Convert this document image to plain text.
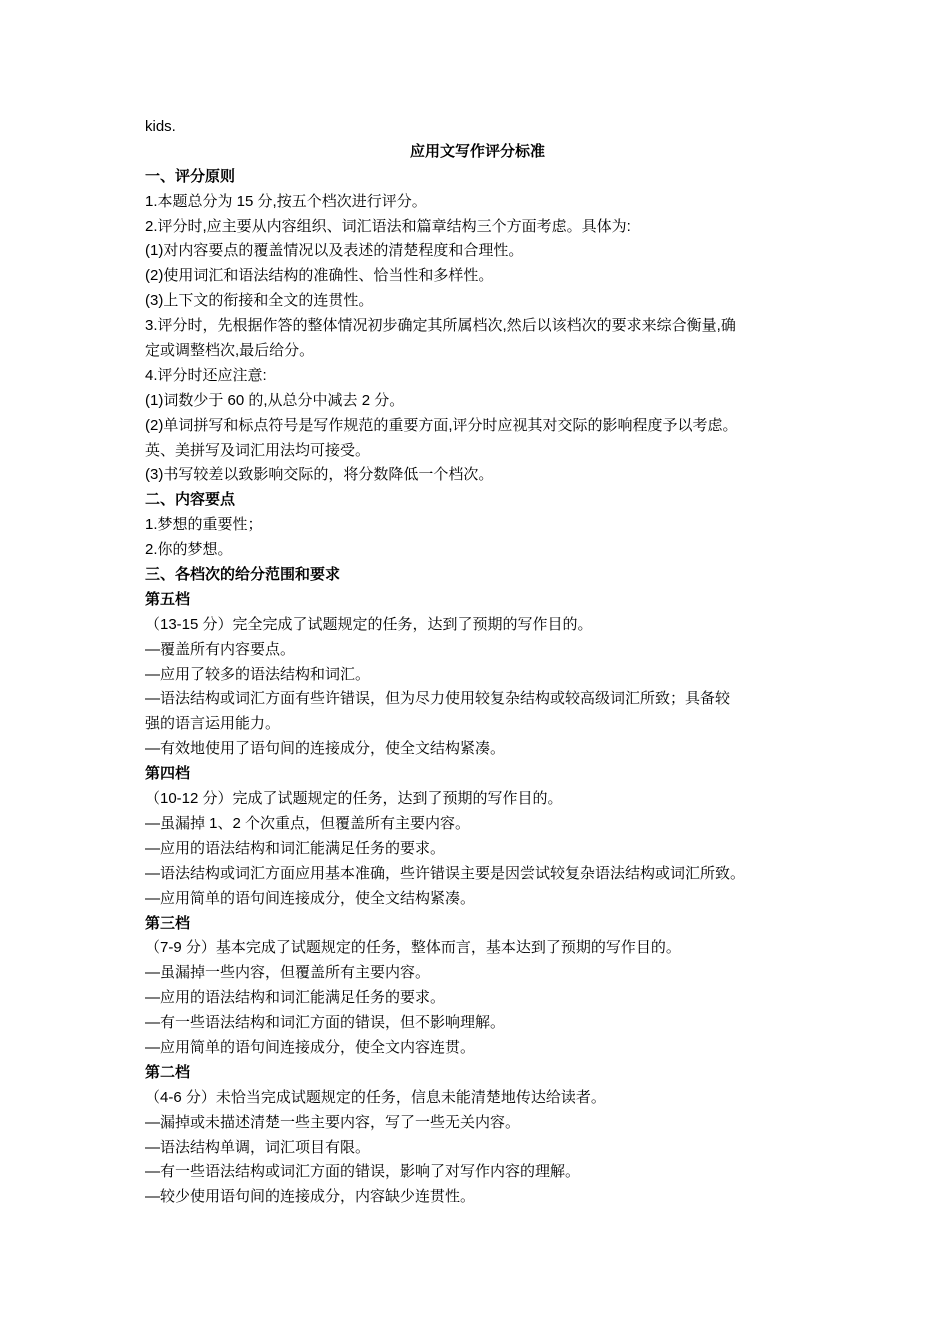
kids.
应用文写作评分标准
一、评分原则
1.本题总分为 15 分,按五个档次进行评分。
2.评分时,应主要从内容组织、词汇语法和篇章结构三个方面考虑。具体为:
(1)对内容要点的覆盖情况以及表述的清楚程度和合理性。
(2)使用词汇和语法结构的准确性、恰当性和多样性。
(3)上下文的衔接和全文的连贯性。
3.评分时，先根据作答的整体情况初步确定其所属档次,然后以该档次的要求来综合衡量,确
定或调整档次,最后给分。
4.评分时还应注意:
(1)词数少于 60 的,从总分中减去 2 分。
(2)单词拼写和标点符号是写作规范的重要方面,评分时应视其对交际的影响程度予以考虑。
英、美拼写及词汇用法均可接受。
(3)书写较差以致影响交际的，将分数降低一个档次。
二、内容要点
1.梦想的重要性；
2.你的梦想。
三、各档次的给分范围和要求
第五档
（13-15 分）完全完成了试题规定的任务，达到了预期的写作目的。
—覆盖所有内容要点。
—应用了较多的语法结构和词汇。
—语法结构或词汇方面有些许错误，但为尽力使用较复杂结构或较高级词汇所致；具备较
强的语言运用能力。
—有效地使用了语句间的连接成分，使全文结构紧凑。
第四档
（10-12 分）完成了试题规定的任务，达到了预期的写作目的。
—虽漏掉 1、2 个次重点，但覆盖所有主要内容。
—应用的语法结构和词汇能满足任务的要求。
—语法结构或词汇方面应用基本准确，些许错误主要是因尝试较复杂语法结构或词汇所致。
—应用简单的语句间连接成分，使全文结构紧凑。
第三档
（7-9 分）基本完成了试题规定的任务，整体而言，基本达到了预期的写作目的。
—虽漏掉一些内容，但覆盖所有主要内容。
—应用的语法结构和词汇能满足任务的要求。
—有一些语法结构和词汇方面的错误，但不影响理解。
—应用简单的语句间连接成分，使全文内容连贯。
第二档
（4-6 分）未恰当完成试题规定的任务，信息未能清楚地传达给读者。
—漏掉或未描述清楚一些主要内容，写了一些无关内容。
—语法结构单调，词汇项目有限。
—有一些语法结构或词汇方面的错误，影响了对写作内容的理解。
—较少使用语句间的连接成分，内容缺少连贯性。
